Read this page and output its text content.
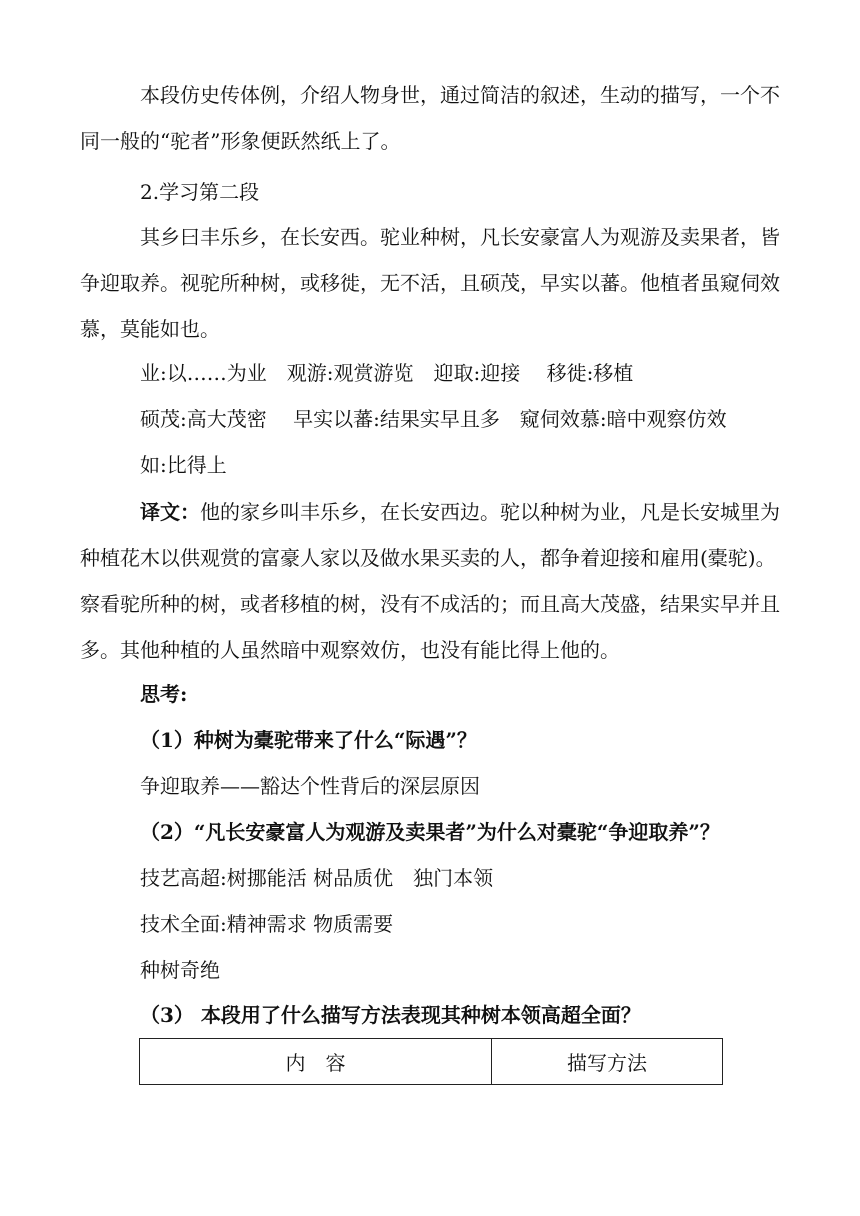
本段仿史传体例，介绍人物身世，通过简洁的叙述，生动的描写，一个不同一般的“驼者”形象便跃然纸上了。

2.学习第二段

其乡曰丰乐乡，在长安西。驼业种树，凡长安豪富人为观游及卖果者，皆争迎取养。视驼所种树，或移徙，无不活，且硕茂，早实以蕃。他植者虽窥伺效慕，莫能如也。

业:以……为业　观游:观赏游览　迎取:迎接　 移徙:移植

硕茂:高大茂密　 早实以蕃:结果实早且多　窥伺效慕:暗中观察仿效

如:比得上

译文：他的家乡叫丰乐乡，在长安西边。驼以种树为业，凡是长安城里为种植花木以供观赏的富豪人家以及做水果买卖的人，都争着迎接和雇用(橐驼)。察看驼所种的树，或者移植的树，没有不成活的；而且高大茂盛，结果实早并且多。其他种植的人虽然暗中观察效仿，也没有能比得上他的。

思考:

（1）种树为橐驼带来了什么“际遇”？

争迎取养——豁达个性背后的深层原因

（2）“凡长安豪富人为观游及卖果者”为什么对橐驼“争迎取养”？

技艺高超:树挪能活 树品质优　独门本领

技术全面:精神需求 物质需要

种树奇绝

（3） 本段用了什么描写方法表现其种树本领高超全面？

内　容	描写方法
